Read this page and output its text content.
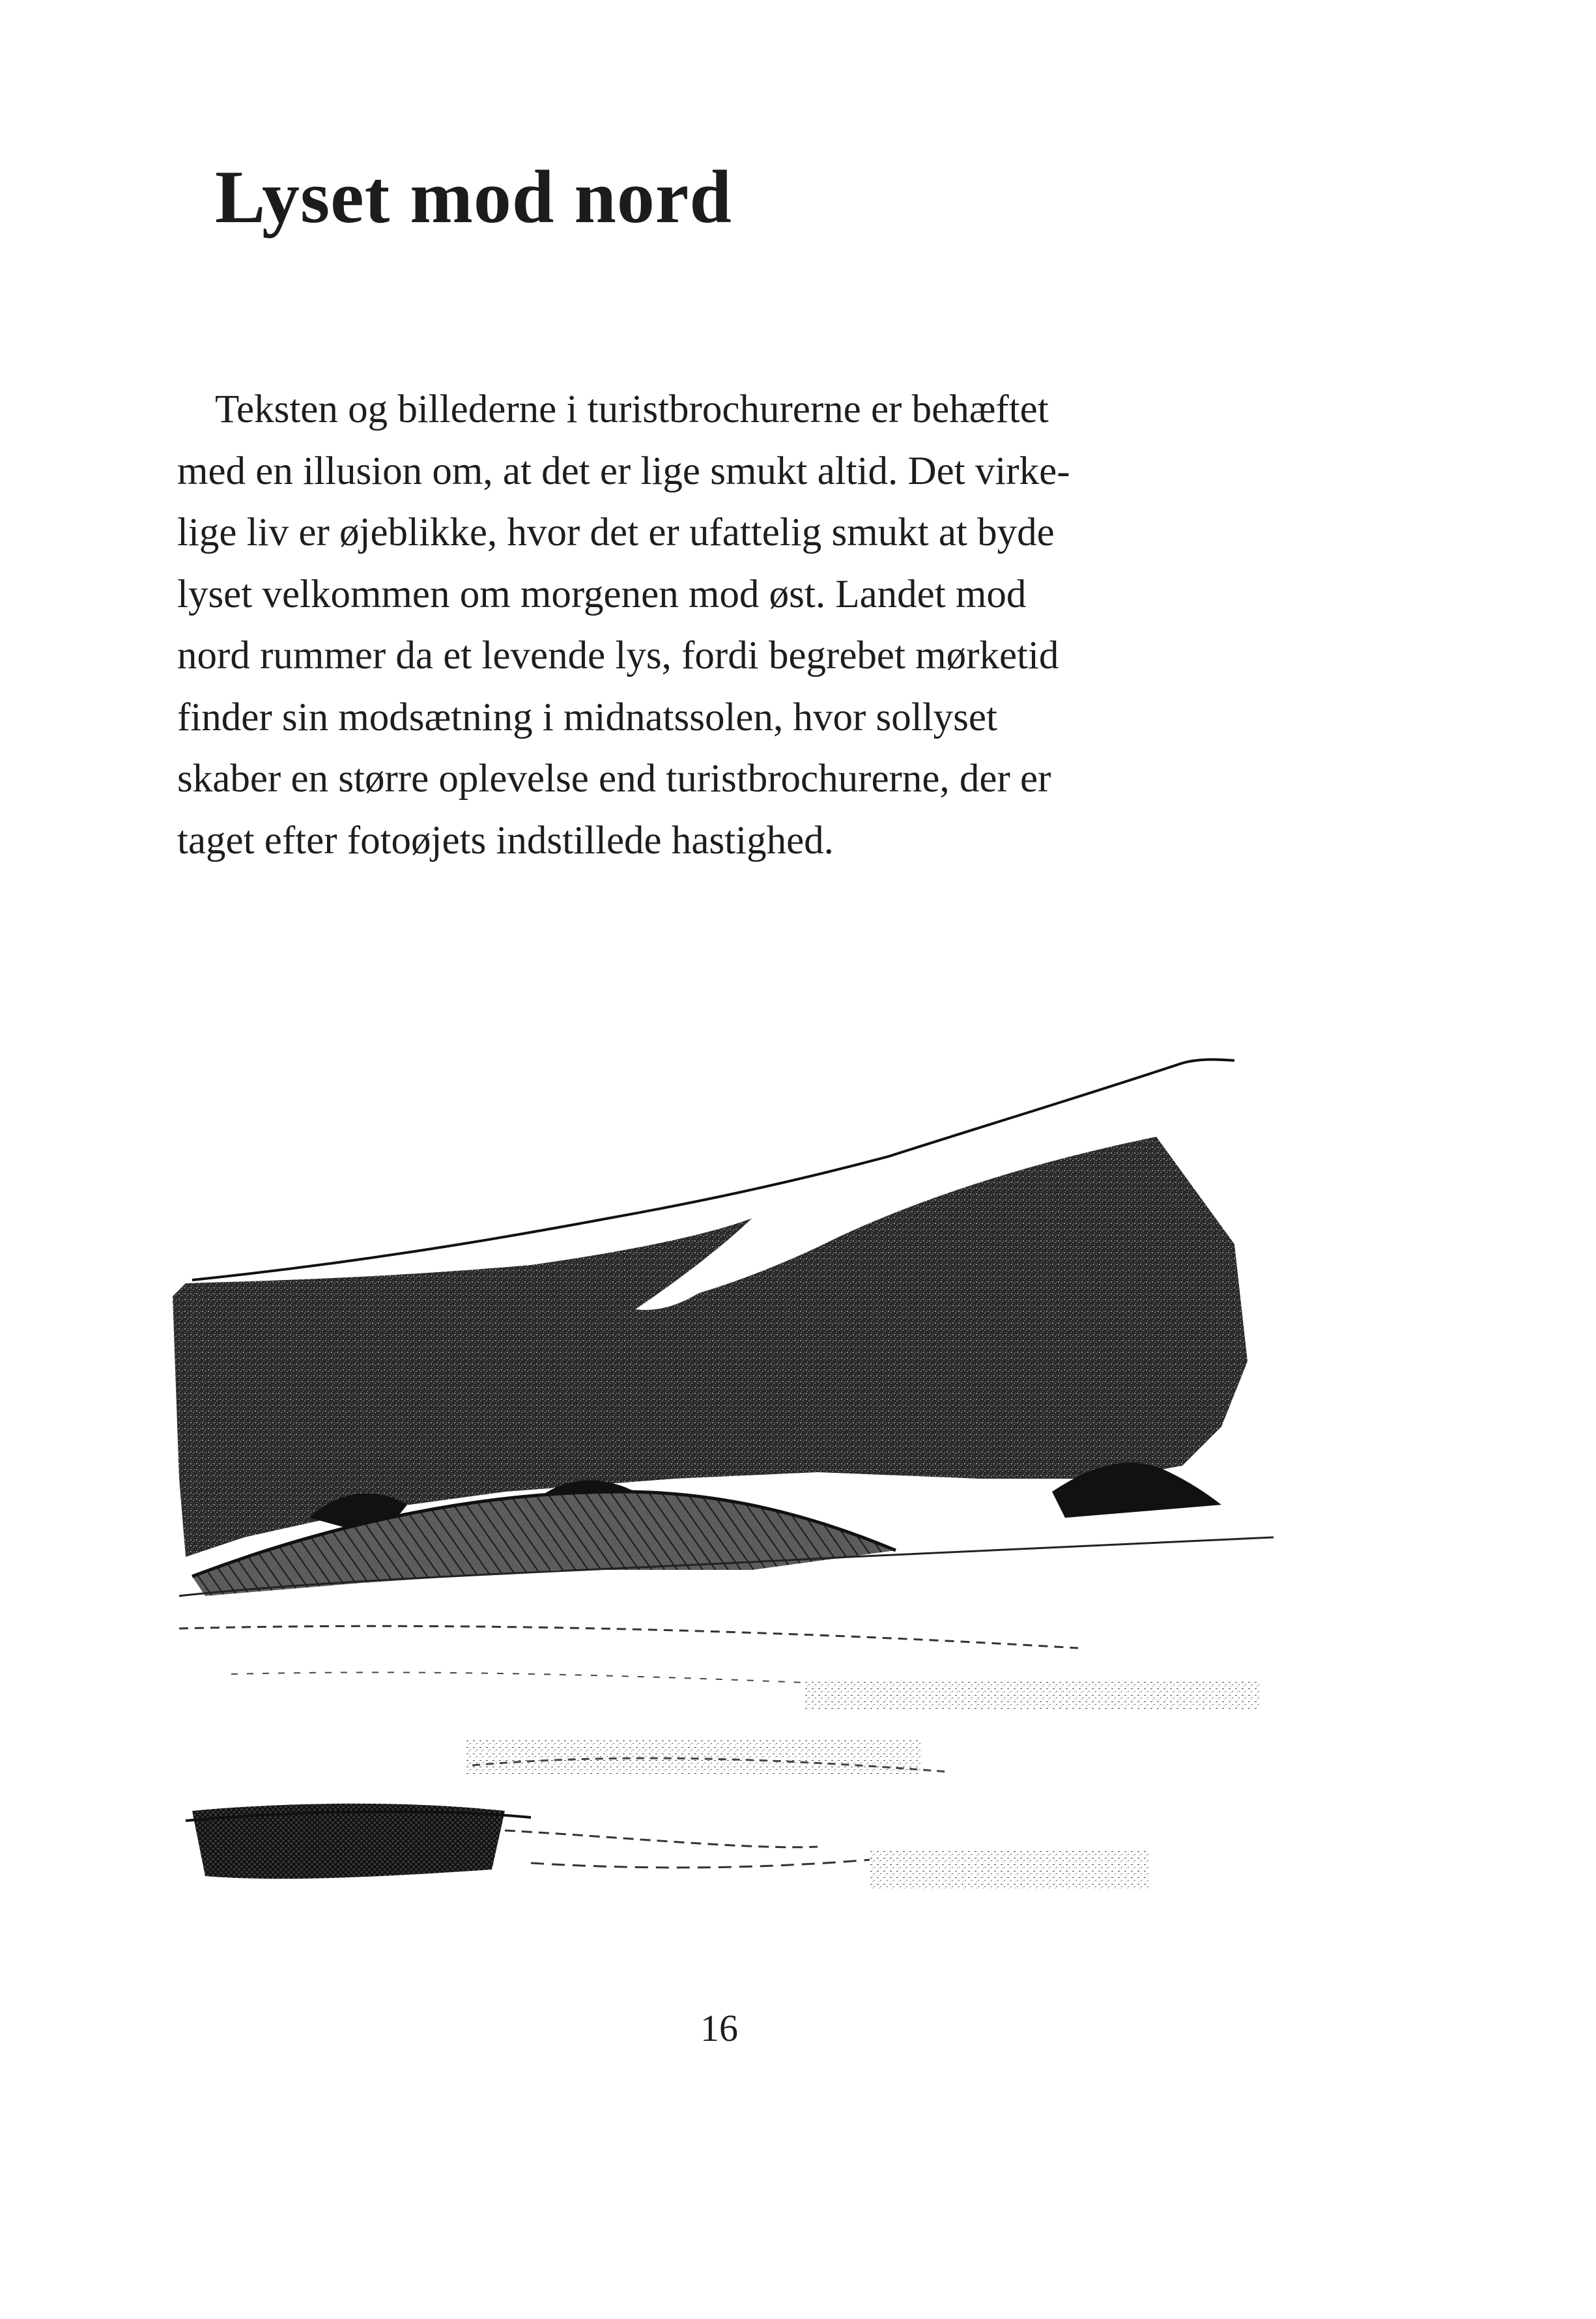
Lyset mod nord
Teksten og billederne i turistbrochurerne er behæftet
med en illusion om, at det er lige smukt altid. Det virke-
lige liv er øjeblikke, hvor det er ufattelig smukt at byde
lyset velkommen om morgenen mod øst. Landet mod
nord rummer da et levende lys, fordi begrebet mørketid
finder sin modsætning i midnatssolen, hvor sollyset
skaber en større oplevelse end turistbrochurerne, der er
taget efter fotoøjets indstillede hastighed.
16
